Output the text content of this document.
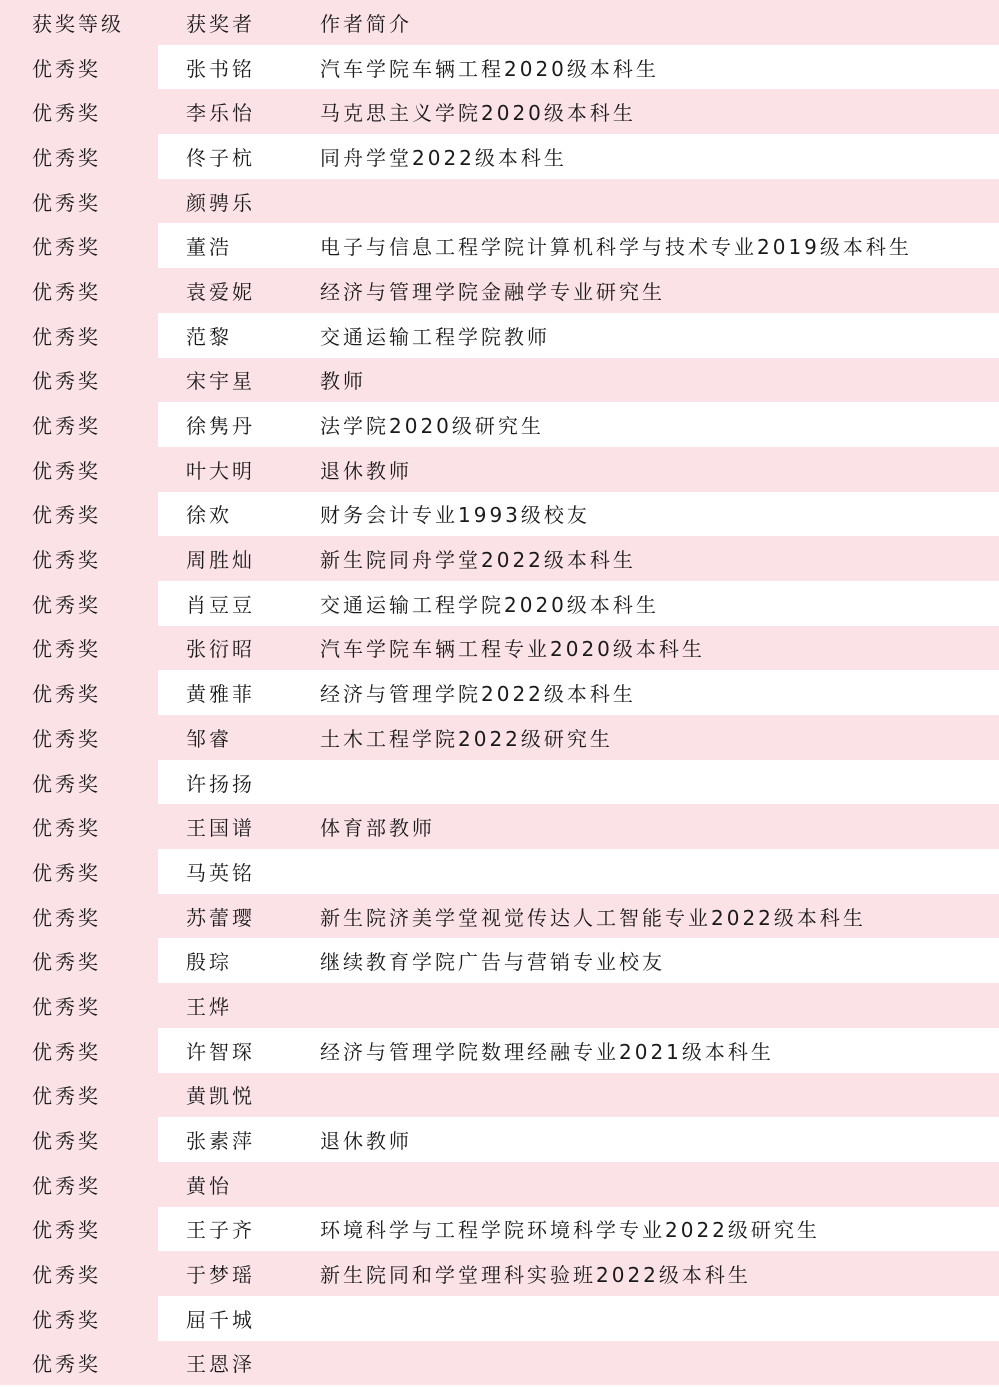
获奖等级	获奖者	作者简介
优秀奖	张书铭	汽车学院车辆工程2020级本科生
优秀奖	李乐怡	马克思主义学院2020级本科生
优秀奖	佟子杭	同舟学堂2022级本科生
优秀奖	颜骋乐	
优秀奖	董浩	电子与信息工程学院计算机科学与技术专业2019级本科生
优秀奖	袁爱妮	经济与管理学院金融学专业研究生
优秀奖	范黎	交通运输工程学院教师
优秀奖	宋宇星	教师
优秀奖	徐隽丹	法学院2020级研究生
优秀奖	叶大明	退休教师
优秀奖	徐欢	财务会计专业1993级校友
优秀奖	周胜灿	新生院同舟学堂2022级本科生
优秀奖	肖豆豆	交通运输工程学院2020级本科生
优秀奖	张衍昭	汽车学院车辆工程专业2020级本科生
优秀奖	黄雅菲	经济与管理学院2022级本科生
优秀奖	邹睿	土木工程学院2022级研究生
优秀奖	许扬扬	
优秀奖	王国谱	体育部教师
优秀奖	马英铭	
优秀奖	苏蕾璎	新生院济美学堂视觉传达人工智能专业2022级本科生
优秀奖	殷琮	继续教育学院广告与营销专业校友
优秀奖	王烨	
优秀奖	许智琛	经济与管理学院数理经融专业2021级本科生
优秀奖	黄凯悦	
优秀奖	张素萍	退休教师
优秀奖	黄怡	
优秀奖	王子齐	环境科学与工程学院环境科学专业2022级研究生
优秀奖	于梦瑶	新生院同和学堂理科实验班2022级本科生
优秀奖	屈千城	
优秀奖	王恩泽	
